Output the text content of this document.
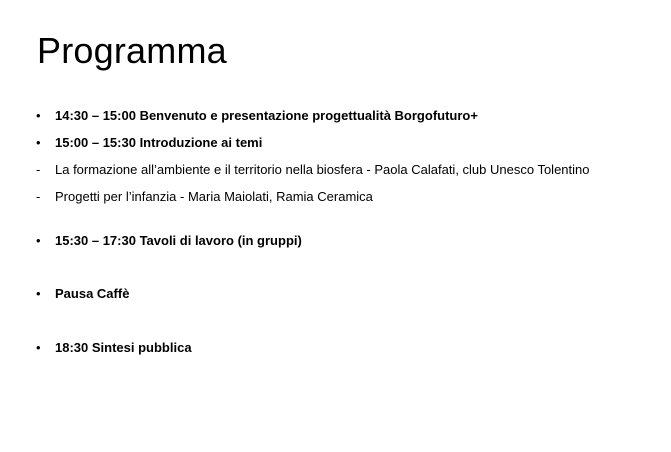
Programma
• 14:30 – 15:00 Benvenuto e presentazione progettualità Borgofuturo+
• 15:00 – 15:30 Introduzione ai temi
- La formazione all’ambiente e il territorio nella biosfera - Paola Calafati, club Unesco Tolentino
- Progetti per l’infanzia - Maria Maiolati, Ramia Ceramica
• 15:30 – 17:30 Tavoli di lavoro (in gruppi)
• Pausa Caffè
• 18:30 Sintesi pubblica
